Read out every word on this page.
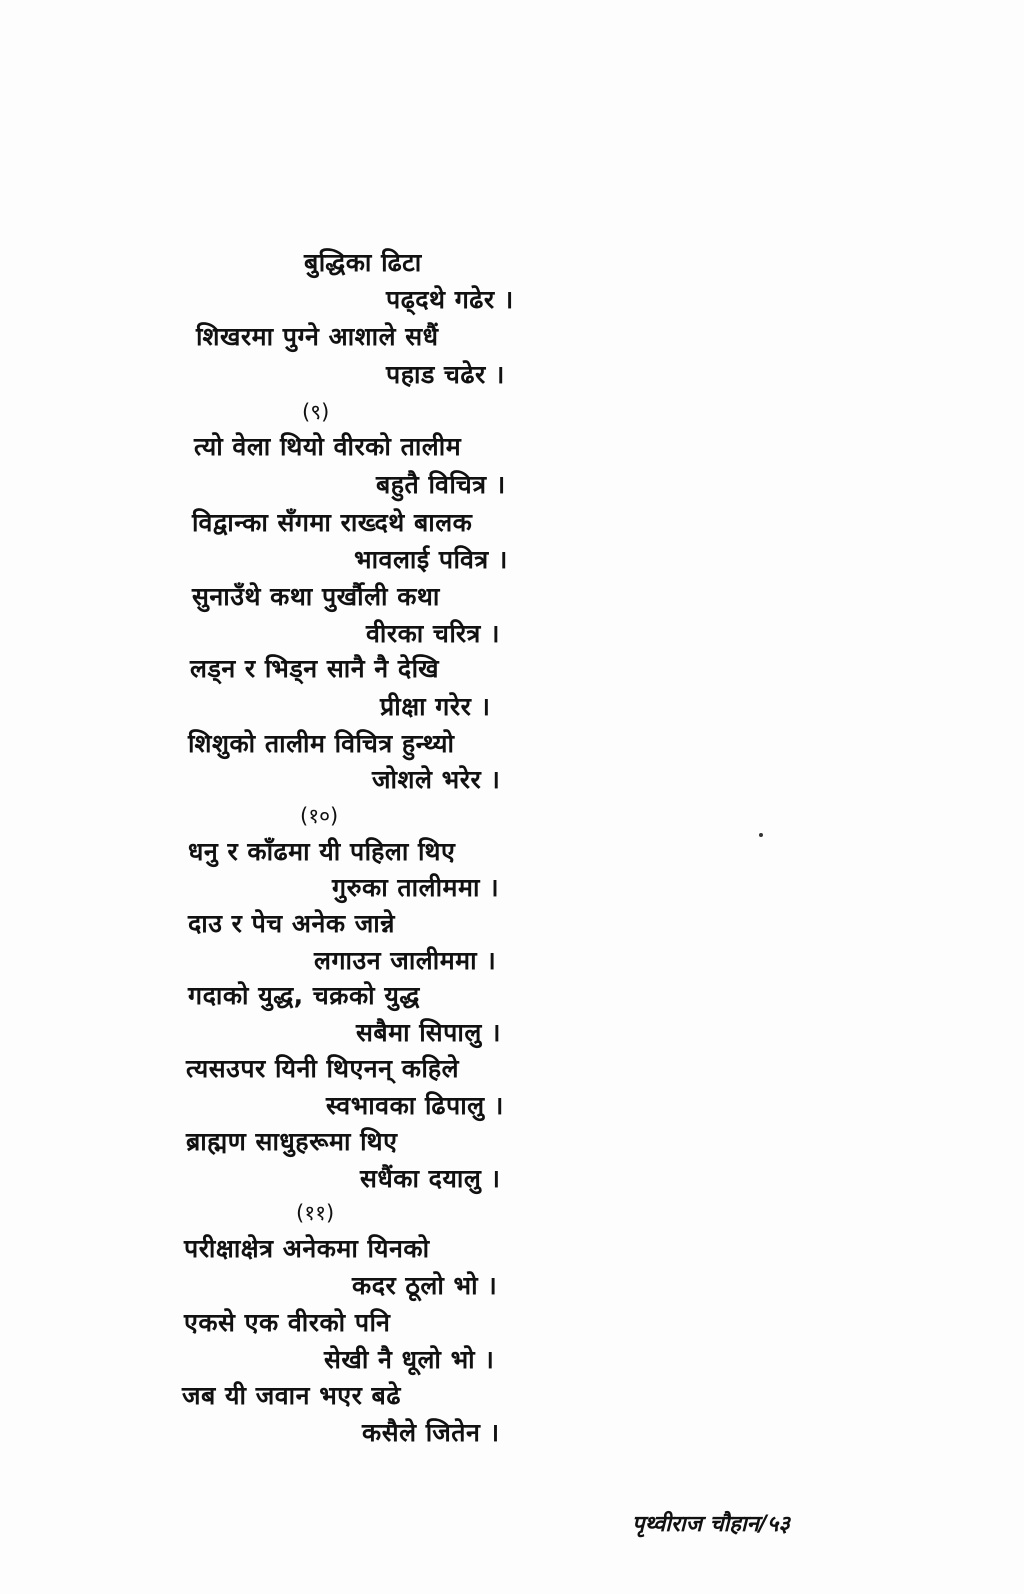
बुद्धिका ढिटा
पढ्दथे गढेर ।
शिखरमा पुग्ने आशाले सधैं
पहाड चढेर ।
(९)
त्यो वेला थियो वीरको तालीम
बहुतै विचित्र ।
विद्वान्का सँगमा राख्दथे बालक
भावलाई पवित्र ।
सुनाउँथे कथा पुर्खौली कथा
वीरका चरित्र ।
लड्न र भिड्न सानै नै देखि
प्रीक्षा गरेर ।
शिशुको तालीम विचित्र हुन्थ्यो
जोशले भरेर ।
(१०)
धनु र काँढमा यी पहिला थिए
गुरुका तालीममा ।
दाउ र पेच अनेक जान्ने
लगाउन जालीममा ।
गदाको युद्ध, चक्रको युद्ध
सबैमा सिपालु ।
त्यसउपर यिनी थिएनन् कहिले
स्वभावका ढिपालु ।
ब्राह्मण साधुहरूमा थिए
सधैंका दयालु ।
(११)
परीक्षाक्षेत्र अनेकमा यिनको
कदर ठूलो भो ।
एकसे एक वीरको पनि
सेखी नै धूलो भो ।
जब यी जवान भएर बढे
कसैले जितेन ।
पृथ्वीराज चौहान/५३
